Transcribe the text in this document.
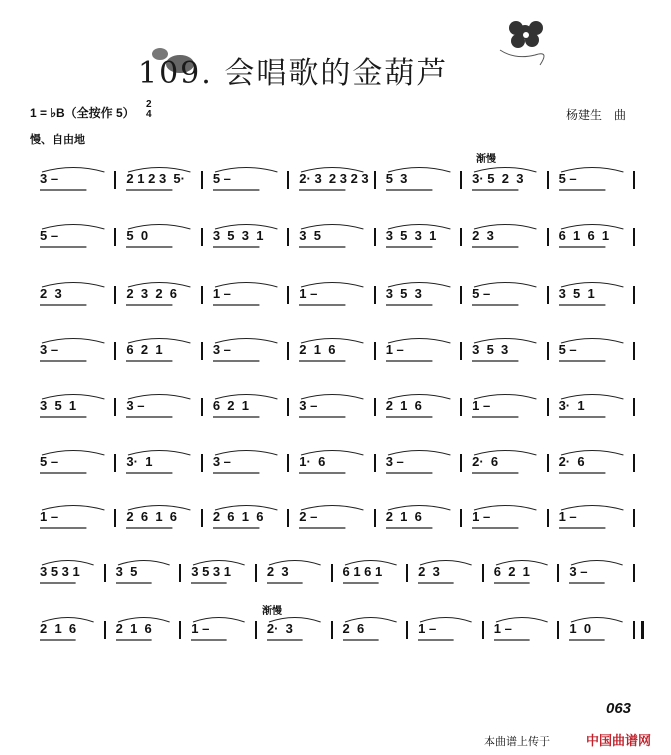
109. 会唱歌的金葫芦
1 = ♭B（全按作 5）
2
4	杨建生　曲
慢、自由地
渐慢
渐慢
3 –	2 1 2 3  5· 5 –	2· 3  2 3 2 3 5  3	3· 5  2  3	5 –
5 –	5  0	3  5  3  1	3  5	3  5  3  1	2  3	6  1  6  1
2  3	2  3  2  6	1 –	1 –	3  5  3	5 –	3  5  1
3 –	6  2  1	3 –	2  1  6	1 –	3  5  3	5 –
3  5  1	3 –	6  2  1	3 –	2  1  6	1 –	3·  1
5 –	3·  1	3 –	1·  6	3 –	2·  6	2·  6
1 –	2  6  1  6	2  6  1  6	2 –	2  1  6	1 –	1 –
3 5 3 1	3  5	3 5 3 1	2  3	6 1 6 1	2  3	6  2  1	3 –
2  1  6	2  1  6	1 –	2·  3	2  6	1 –	1 –	1  0
063
本曲谱上传于	中国曲谱网
